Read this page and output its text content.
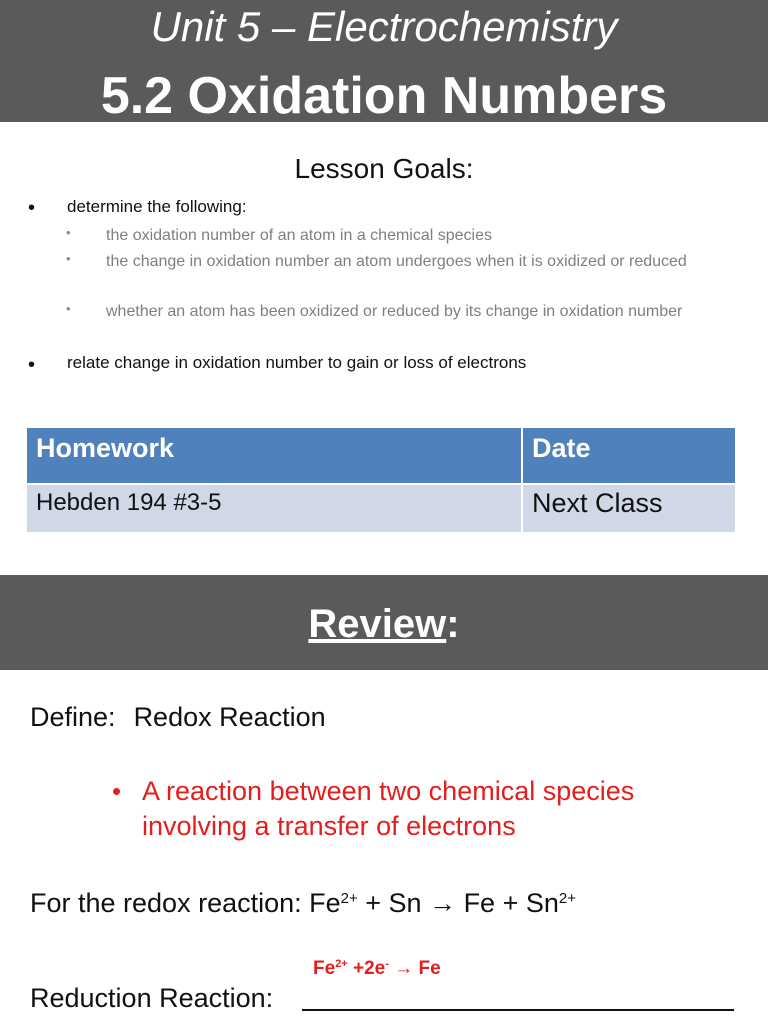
Unit 5 – Electrochemistry
5.2 Oxidation Numbers
Lesson Goals:
• determine the following:
• the oxidation number of an atom in a chemical species
• the change in oxidation number an atom undergoes when it is oxidized or reduced
• whether an atom has been oxidized or reduced by its change in oxidation number
• relate change in oxidation number to gain or loss of electrons
Homework	Date
Hebden 194 #3-5	Next Class
Review:
Define: Redox Reaction
• A reaction between two chemical species involving a transfer of electrons
For the redox reaction: $Fe^{2+} + Sn \to Fe + Sn^{2+}$
$Fe^{2+} +2e^- \to Fe$
Reduction Reaction:
